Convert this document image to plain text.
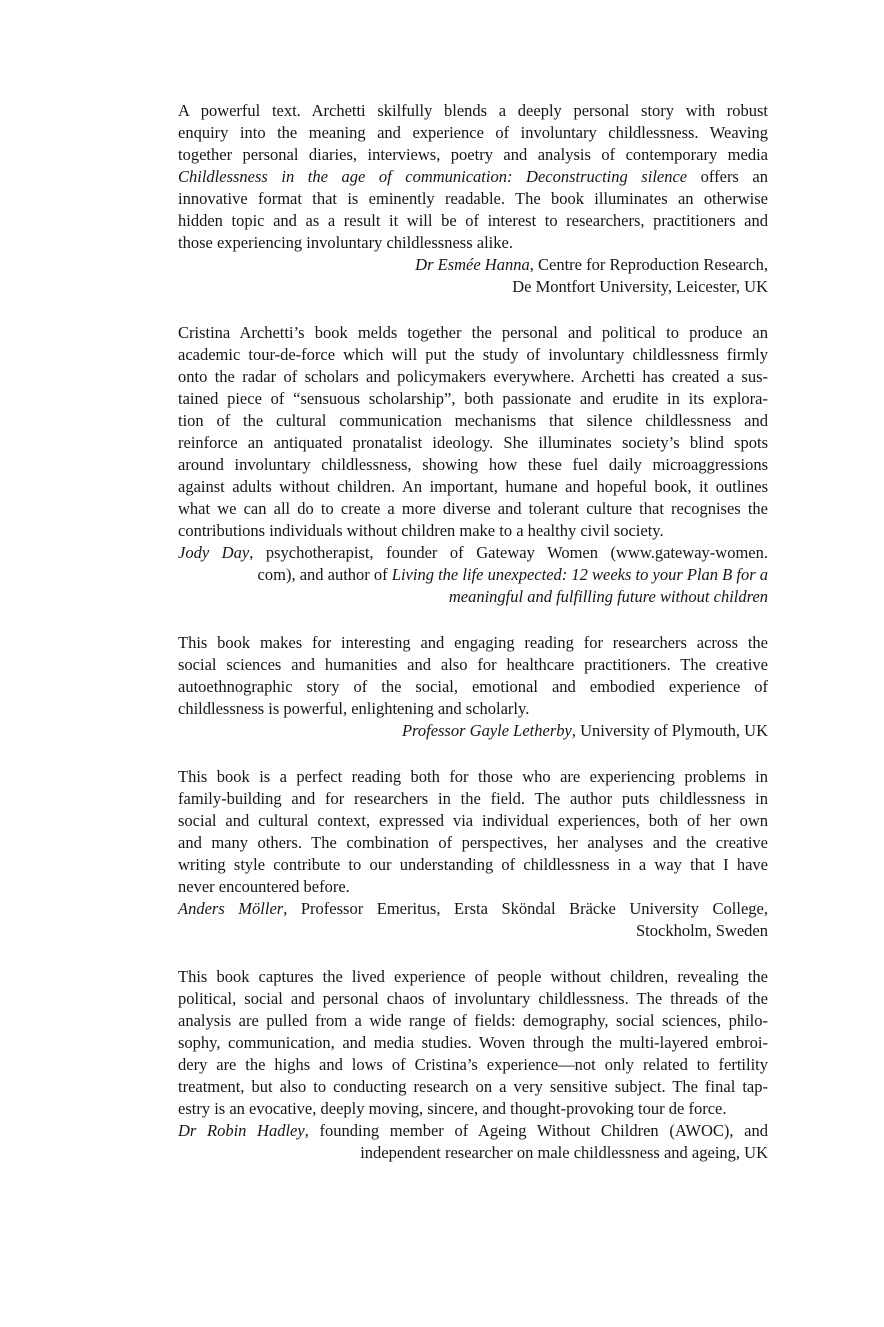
A powerful text. Archetti skilfully blends a deeply personal story with robust
enquiry into the meaning and experience of involuntary childlessness. Weaving
together personal diaries, interviews, poetry and analysis of contemporary media
Childlessness in the age of communication: Deconstructing silence offers an
innovative format that is eminently readable. The book illuminates an otherwise
hidden topic and as a result it will be of interest to researchers, practitioners and
those experiencing involuntary childlessness alike.
Dr Esmée Hanna, Centre for Reproduction Research,
De Montfort University, Leicester, UK
Cristina Archetti’s book melds together the personal and political to produce an
academic tour-de-force which will put the study of involuntary childlessness firmly
onto the radar of scholars and policymakers everywhere. Archetti has created a sus-
tained piece of “sensuous scholarship”, both passionate and erudite in its explora-
tion of the cultural communication mechanisms that silence childlessness and
reinforce an antiquated pronatalist ideology. She illuminates society’s blind spots
around involuntary childlessness, showing how these fuel daily microaggressions
against adults without children. An important, humane and hopeful book, it outlines
what we can all do to create a more diverse and tolerant culture that recognises the
contributions individuals without children make to a healthy civil society.
Jody Day, psychotherapist, founder of Gateway Women (www.gateway-women.
com), and author of Living the life unexpected: 12 weeks to your Plan B for a
meaningful and fulfilling future without children
This book makes for interesting and engaging reading for researchers across the
social sciences and humanities and also for healthcare practitioners. The creative
autoethnographic story of the social, emotional and embodied experience of
childlessness is powerful, enlightening and scholarly.
Professor Gayle Letherby, University of Plymouth, UK
This book is a perfect reading both for those who are experiencing problems in
family-building and for researchers in the field. The author puts childlessness in
social and cultural context, expressed via individual experiences, both of her own
and many others. The combination of perspectives, her analyses and the creative
writing style contribute to our understanding of childlessness in a way that I have
never encountered before.
Anders Möller, Professor Emeritus, Ersta Sköndal Bräcke University College,
Stockholm, Sweden
This book captures the lived experience of people without children, revealing the
political, social and personal chaos of involuntary childlessness. The threads of the
analysis are pulled from a wide range of fields: demography, social sciences, philo-
sophy, communication, and media studies. Woven through the multi-layered embroi-
dery are the highs and lows of Cristina’s experience—not only related to fertility
treatment, but also to conducting research on a very sensitive subject. The final tap-
estry is an evocative, deeply moving, sincere, and thought-provoking tour de force.
Dr Robin Hadley, founding member of Ageing Without Children (AWOC), and
independent researcher on male childlessness and ageing, UK
